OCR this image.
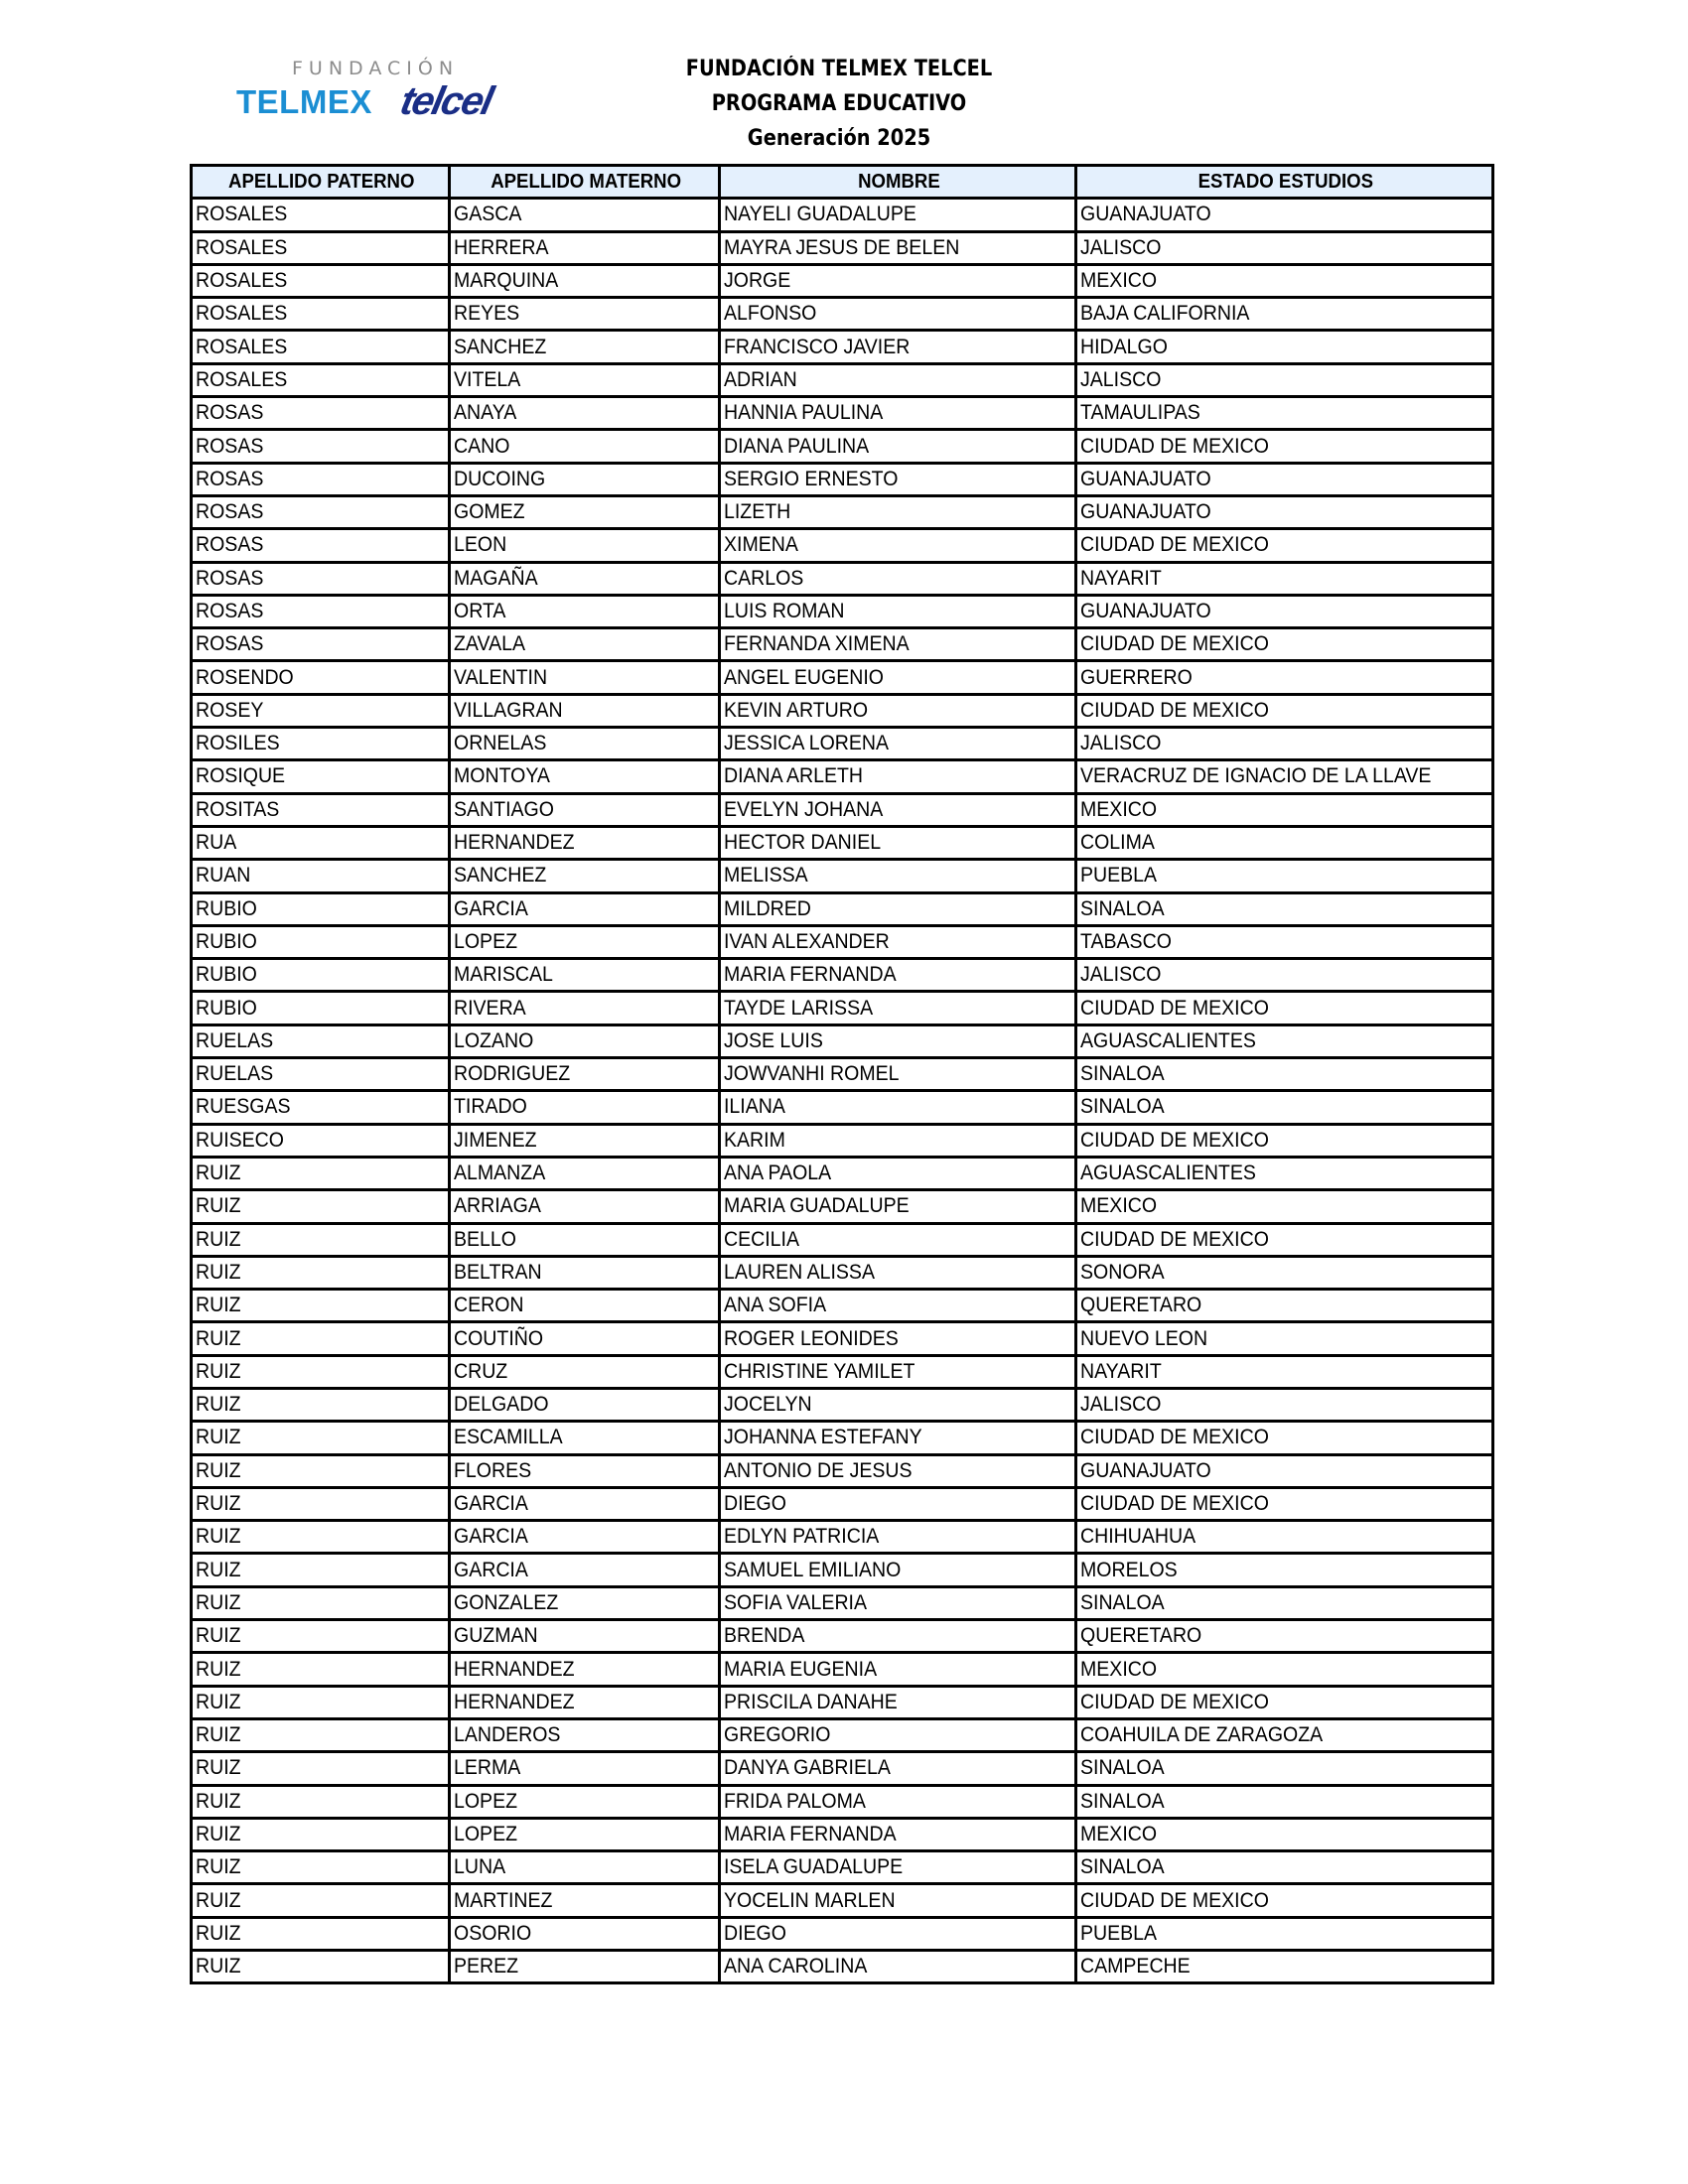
FUNDACIÓN
TELMEX telcel
FUNDACIÓN TELMEX TELCEL
PROGRAMA EDUCATIVO
Generación 2025
APELLIDO PATERNO	APELLIDO MATERNO	NOMBRE	ESTADO ESTUDIOS
ROSALES	GASCA	NAYELI GUADALUPE	GUANAJUATO
ROSALES	HERRERA	MAYRA JESUS DE BELEN	JALISCO
ROSALES	MARQUINA	JORGE	MEXICO
ROSALES	REYES	ALFONSO	BAJA CALIFORNIA
ROSALES	SANCHEZ	FRANCISCO JAVIER	HIDALGO
ROSALES	VITELA	ADRIAN	JALISCO
ROSAS	ANAYA	HANNIA PAULINA	TAMAULIPAS
ROSAS	CANO	DIANA PAULINA	CIUDAD DE MEXICO
ROSAS	DUCOING	SERGIO ERNESTO	GUANAJUATO
ROSAS	GOMEZ	LIZETH	GUANAJUATO
ROSAS	LEON	XIMENA	CIUDAD DE MEXICO
ROSAS	MAGAÑA	CARLOS	NAYARIT
ROSAS	ORTA	LUIS ROMAN	GUANAJUATO
ROSAS	ZAVALA	FERNANDA XIMENA	CIUDAD DE MEXICO
ROSENDO	VALENTIN	ANGEL EUGENIO	GUERRERO
ROSEY	VILLAGRAN	KEVIN ARTURO	CIUDAD DE MEXICO
ROSILES	ORNELAS	JESSICA LORENA	JALISCO
ROSIQUE	MONTOYA	DIANA ARLETH	VERACRUZ DE IGNACIO DE LA LLAVE
ROSITAS	SANTIAGO	EVELYN JOHANA	MEXICO
RUA	HERNANDEZ	HECTOR DANIEL	COLIMA
RUAN	SANCHEZ	MELISSA	PUEBLA
RUBIO	GARCIA	MILDRED	SINALOA
RUBIO	LOPEZ	IVAN ALEXANDER	TABASCO
RUBIO	MARISCAL	MARIA FERNANDA	JALISCO
RUBIO	RIVERA	TAYDE LARISSA	CIUDAD DE MEXICO
RUELAS	LOZANO	JOSE LUIS	AGUASCALIENTES
RUELAS	RODRIGUEZ	JOWVANHI ROMEL	SINALOA
RUESGAS	TIRADO	ILIANA	SINALOA
RUISECO	JIMENEZ	KARIM	CIUDAD DE MEXICO
RUIZ	ALMANZA	ANA PAOLA	AGUASCALIENTES
RUIZ	ARRIAGA	MARIA GUADALUPE	MEXICO
RUIZ	BELLO	CECILIA	CIUDAD DE MEXICO
RUIZ	BELTRAN	LAUREN ALISSA	SONORA
RUIZ	CERON	ANA SOFIA	QUERETARO
RUIZ	COUTIÑO	ROGER LEONIDES	NUEVO LEON
RUIZ	CRUZ	CHRISTINE YAMILET	NAYARIT
RUIZ	DELGADO	JOCELYN	JALISCO
RUIZ	ESCAMILLA	JOHANNA ESTEFANY	CIUDAD DE MEXICO
RUIZ	FLORES	ANTONIO DE JESUS	GUANAJUATO
RUIZ	GARCIA	DIEGO	CIUDAD DE MEXICO
RUIZ	GARCIA	EDLYN PATRICIA	CHIHUAHUA
RUIZ	GARCIA	SAMUEL EMILIANO	MORELOS
RUIZ	GONZALEZ	SOFIA VALERIA	SINALOA
RUIZ	GUZMAN	BRENDA	QUERETARO
RUIZ	HERNANDEZ	MARIA EUGENIA	MEXICO
RUIZ	HERNANDEZ	PRISCILA DANAHE	CIUDAD DE MEXICO
RUIZ	LANDEROS	GREGORIO	COAHUILA DE ZARAGOZA
RUIZ	LERMA	DANYA GABRIELA	SINALOA
RUIZ	LOPEZ	FRIDA PALOMA	SINALOA
RUIZ	LOPEZ	MARIA FERNANDA	MEXICO
RUIZ	LUNA	ISELA GUADALUPE	SINALOA
RUIZ	MARTINEZ	YOCELIN MARLEN	CIUDAD DE MEXICO
RUIZ	OSORIO	DIEGO	PUEBLA
RUIZ	PEREZ	ANA CAROLINA	CAMPECHE
